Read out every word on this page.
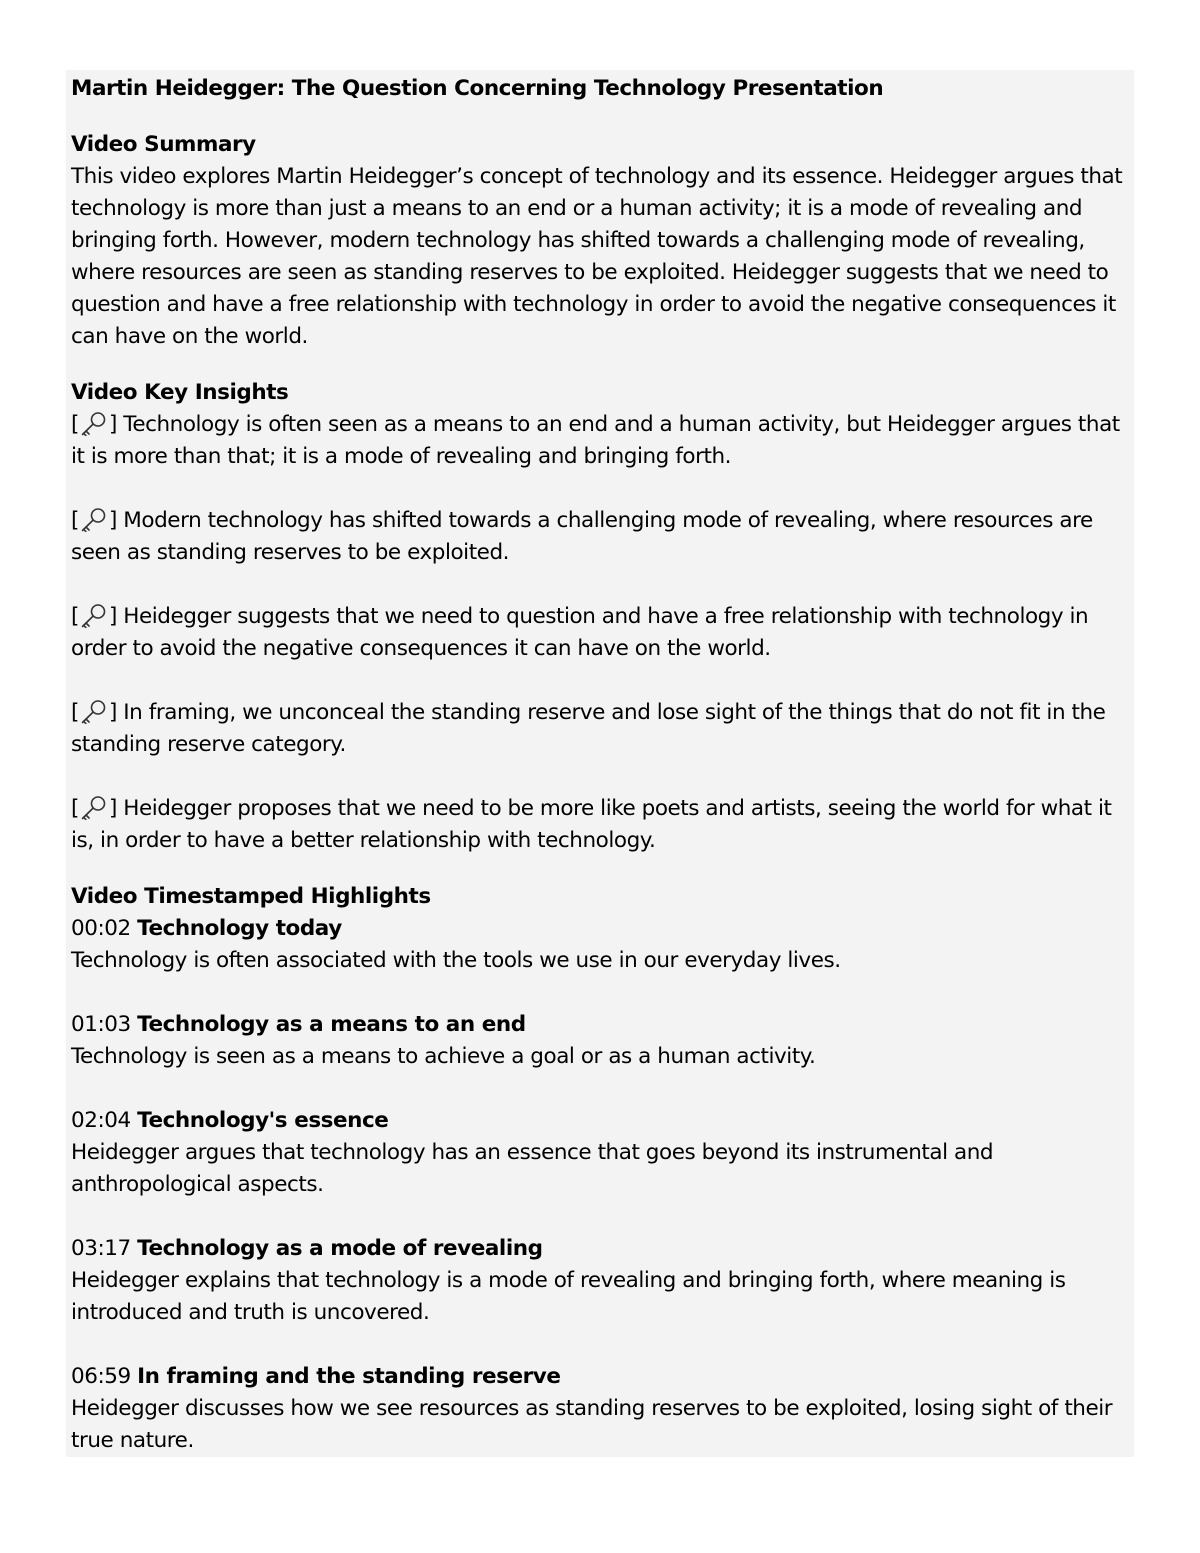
Martin Heidegger: The Question Concerning Technology Presentation
Video Summary

This video explores Martin Heidegger’s concept of technology and its essence. Heidegger argues that technology is more than just a means to an end or a human activity; it is a mode of revealing and bringing forth. However, modern technology has shifted towards a challenging mode of revealing, where resources are seen as standing reserves to be exploited. Heidegger suggests that we need to question and have a free relationship with technology in order to avoid the negative consequences it can have on the world.

Video Key Insights

[ ] Technology is often seen as a means to an end and a human activity, but Heidegger argues that it is more than that; it is a mode of revealing and bringing forth.

[ ] Modern technology has shifted towards a challenging mode of revealing, where resources are seen as standing reserves to be exploited.

[ ] Heidegger suggests that we need to question and have a free relationship with technology in order to avoid the negative consequences it can have on the world.

[ ] In framing, we unconceal the standing reserve and lose sight of the things that do not fit in the standing reserve category.

[ ] Heidegger proposes that we need to be more like poets and artists, seeing the world for what it is, in order to have a better relationship with technology.

Video Timestamped Highlights

00:02 Technology today

Technology is often associated with the tools we use in our everyday lives.

01:03 Technology as a means to an end

Technology is seen as a means to achieve a goal or as a human activity.

02:04 Technology's essence

Heidegger argues that technology has an essence that goes beyond its instrumental and anthropological aspects.

03:17 Technology as a mode of revealing

Heidegger explains that technology is a mode of revealing and bringing forth, where meaning is introduced and truth is uncovered.

06:59 In framing and the standing reserve

Heidegger discusses how we see resources as standing reserves to be exploited, losing sight of their true nature.
